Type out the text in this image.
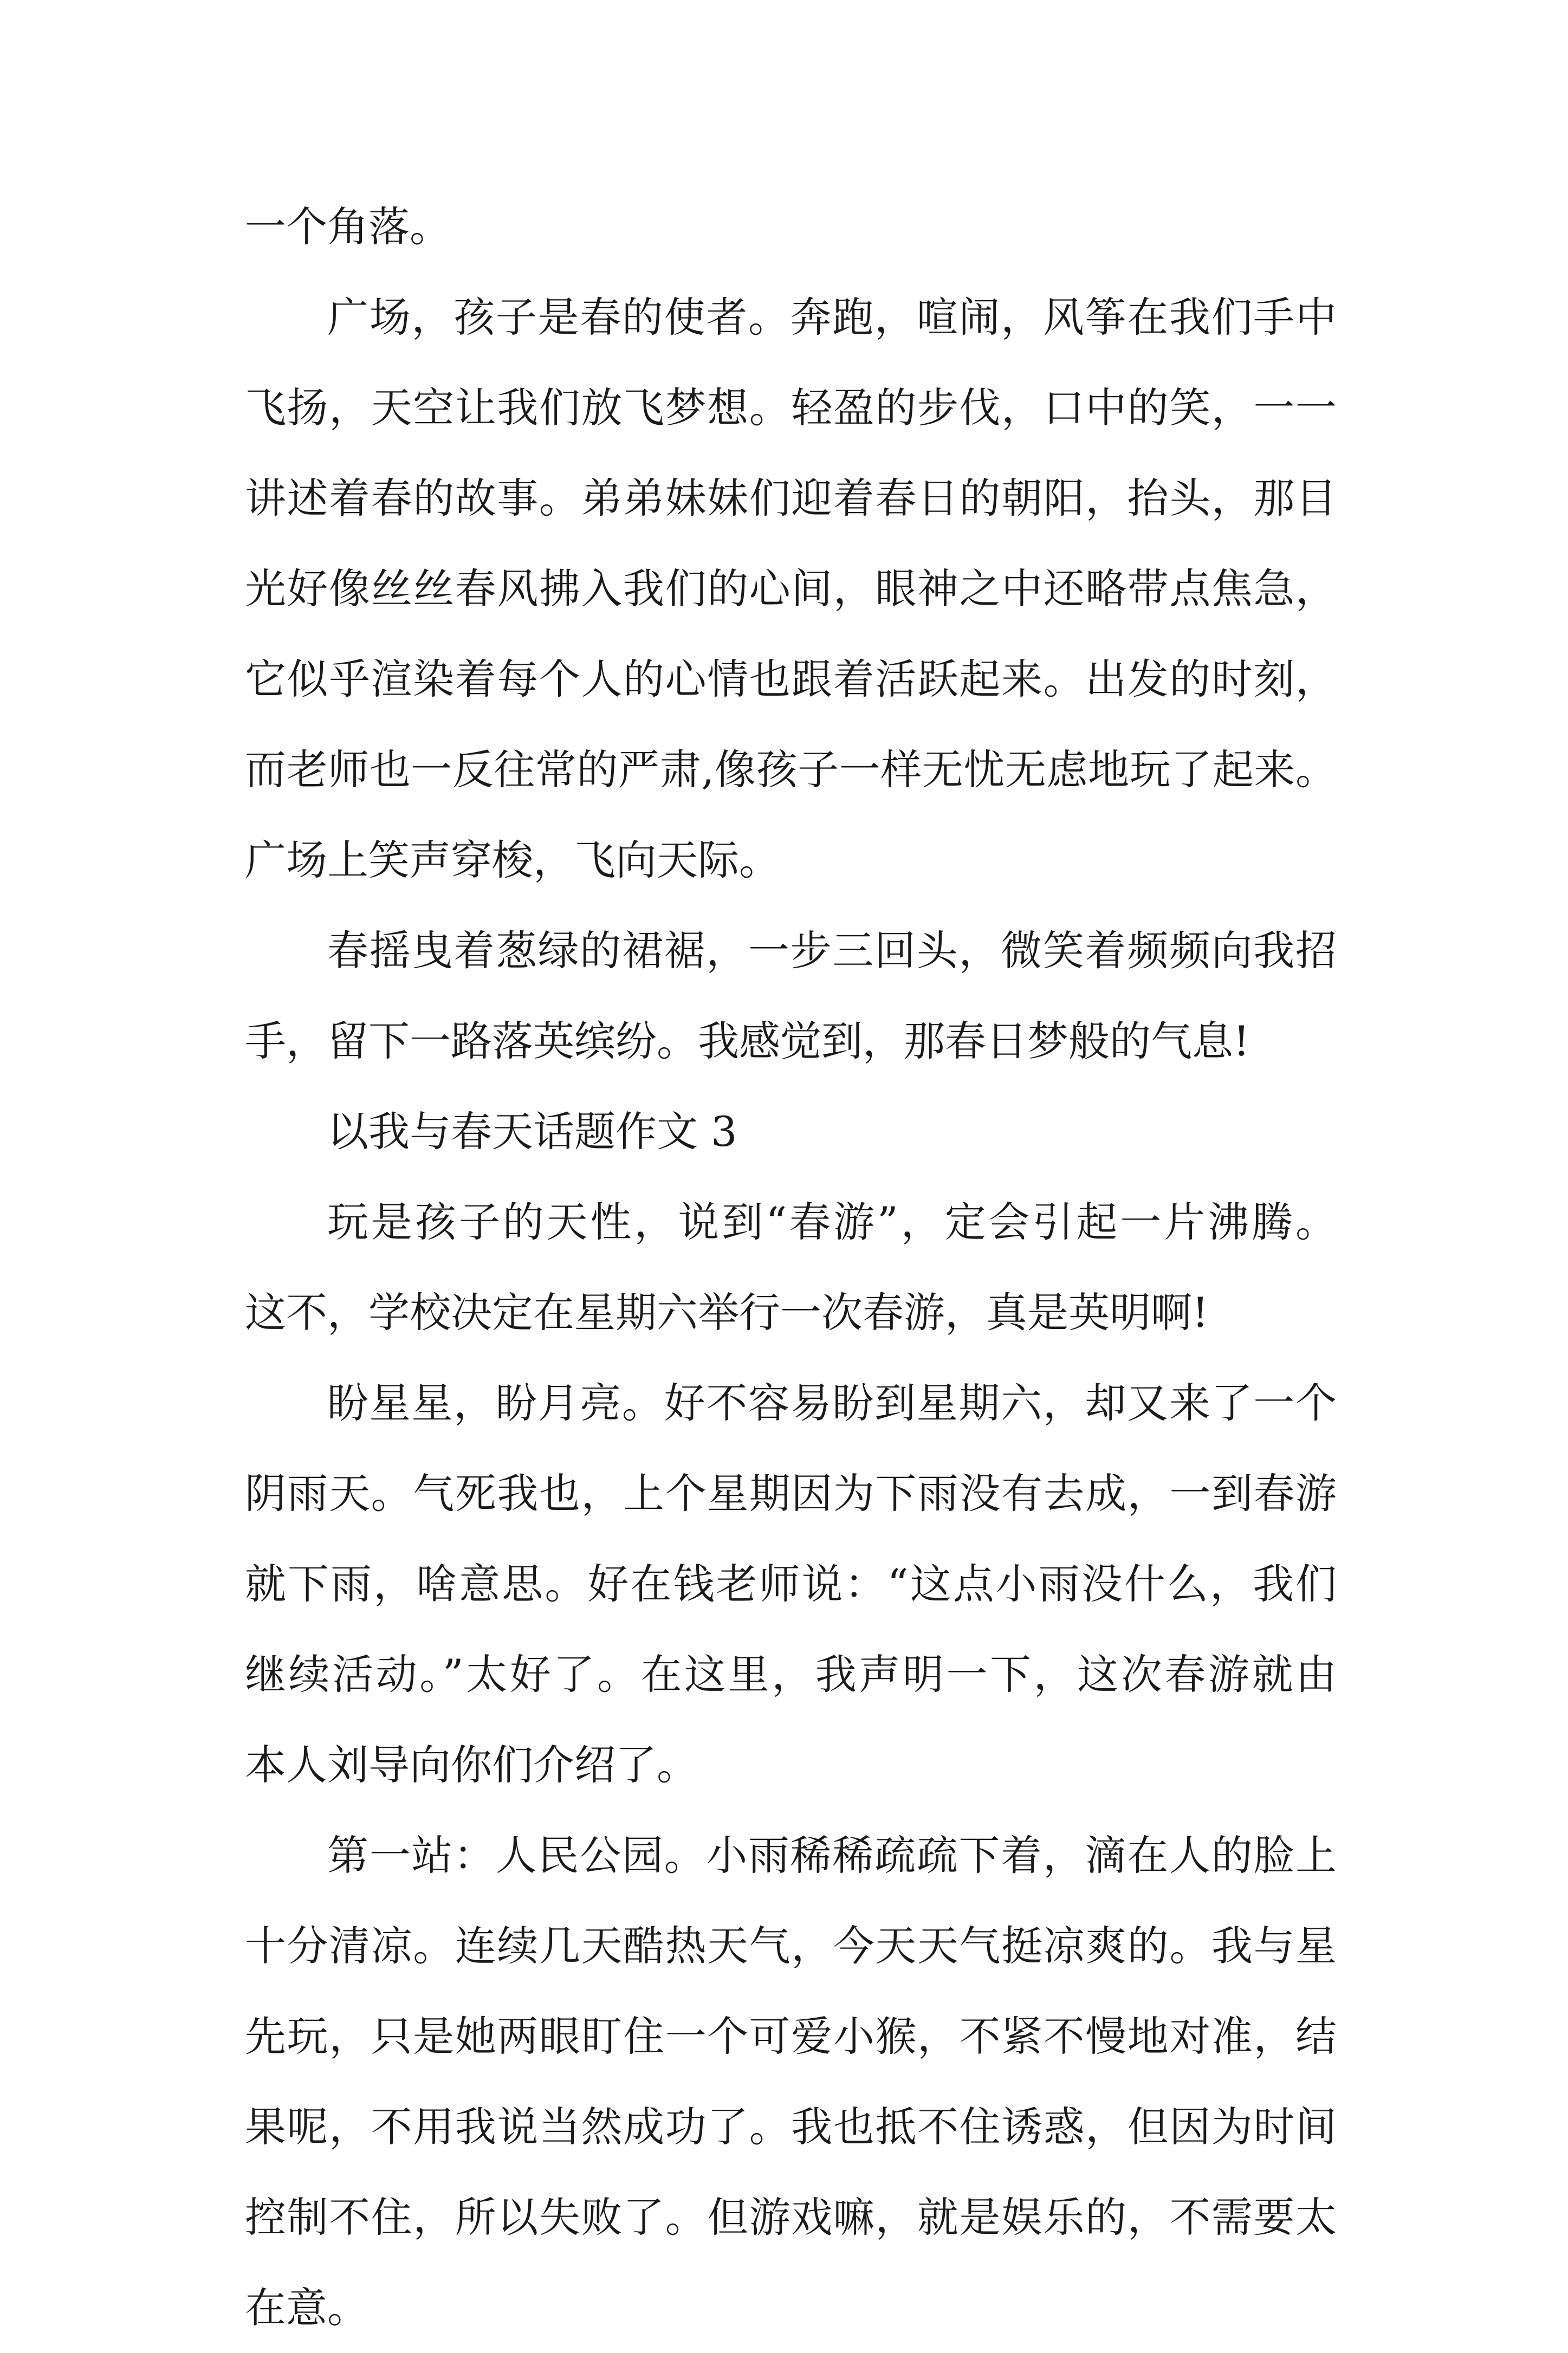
一个角落。
广场，孩子是春的使者。奔跑，喧闹，风筝在我们手中
飞扬，天空让我们放飞梦想。轻盈的步伐，口中的笑，一一
讲述着春的故事。弟弟妹妹们迎着春日的朝阳，抬头，那目
光好像丝丝春风拂入我们的心间，眼神之中还略带点焦急，
它似乎渲染着每个人的心情也跟着活跃起来。出发的时刻，
而老师也一反往常的严肃,像孩子一样无忧无虑地玩了起来。
广场上笑声穿梭，飞向天际。
春摇曳着葱绿的裙裾，一步三回头，微笑着频频向我招
手，留下一路落英缤纷。我感觉到，那春日梦般的气息!
以我与春天话题作文 3
玩是孩子的天性，说到“春游”，定会引起一片沸腾。
这不，学校决定在星期六举行一次春游，真是英明啊!
盼星星，盼月亮。好不容易盼到星期六，却又来了一个
阴雨天。气死我也，上个星期因为下雨没有去成，一到春游
就下雨，啥意思。好在钱老师说：“这点小雨没什么，我们
继续活动。”太好了。在这里，我声明一下，这次春游就由
本人刘导向你们介绍了。
第一站：人民公园。小雨稀稀疏疏下着，滴在人的脸上
十分清凉。连续几天酷热天气，今天天气挺凉爽的。我与星
先玩，只是她两眼盯住一个可爱小猴，不紧不慢地对准，结
果呢，不用我说当然成功了。我也抵不住诱惑，但因为时间
控制不住，所以失败了。但游戏嘛，就是娱乐的，不需要太
在意。
